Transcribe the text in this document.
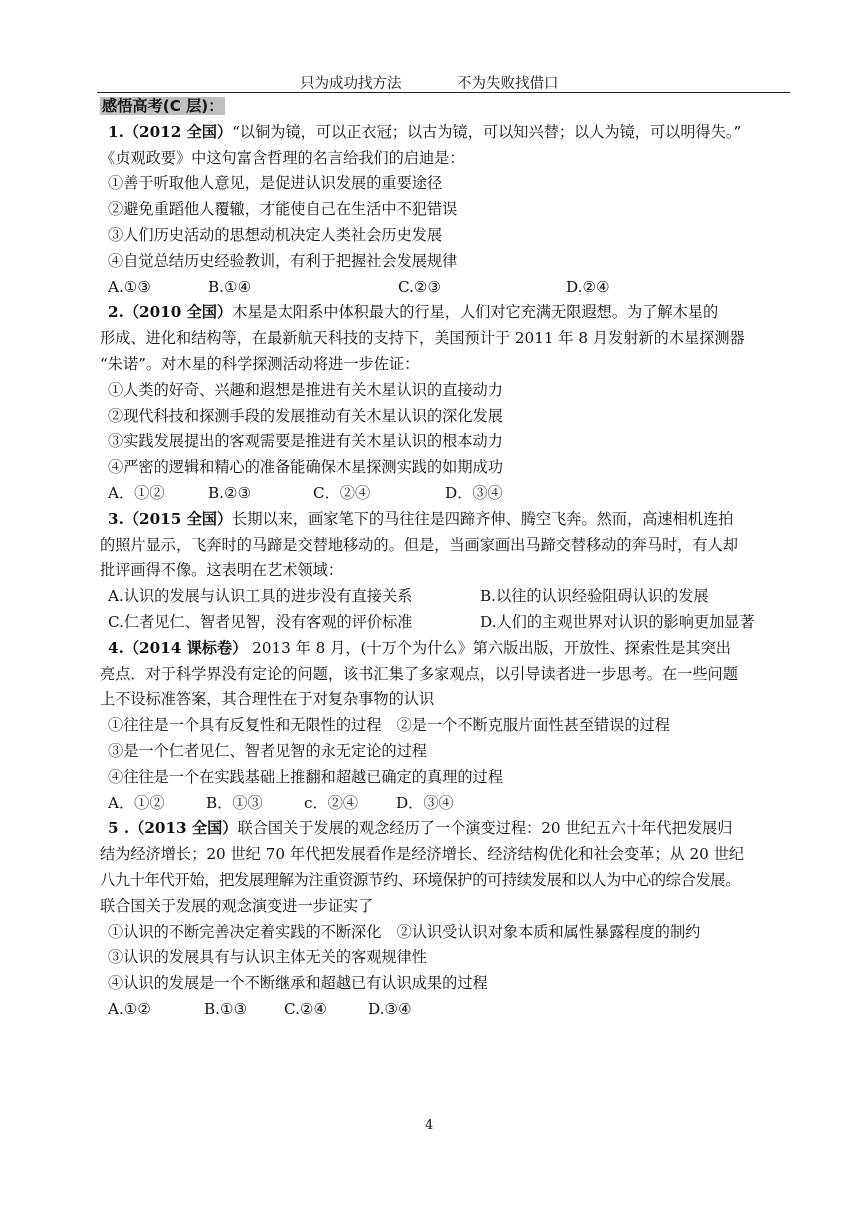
只为成功找方法	不为失败找借口
感悟高考(C 层)：
1.（2012 全国）“以铜为镜，可以正衣冠；以古为镜，可以知兴替；以人为镜，可以明得失。”
《贞观政要》中这句富含哲理的名言给我们的启迪是：
①善于听取他人意见，是促进认识发展的重要途径
②避免重蹈他人覆辙，才能使自己在生活中不犯错误
③人们历史活动的思想动机决定人类社会历史发展
④自觉总结历史经验教训，有利于把握社会发展规律
A.①③	B.①④	C.②③	D.②④
2.（2010 全国）木星是太阳系中体积最大的行星，人们对它充满无限遐想。为了解木星的
形成、进化和结构等，在最新航天科技的支持下，美国预计于 2011 年 8 月发射新的木星探测器
“朱诺”。对木星的科学探测活动将进一步佐证：
①人类的好奇、兴趣和遐想是推进有关木星认识的直接动力
②现代科技和探测手段的发展推动有关木星认识的深化发展
③实践发展提出的客观需要是推进有关木星认识的根本动力
④严密的逻辑和精心的准备能确保木星探测实践的如期成功
A．①②	B.②③	C．②④	D．③④
3.（2015 全国）长期以来，画家笔下的马往往是四蹄齐伸、腾空飞奔。然而，高速相机连拍
的照片显示，飞奔时的马蹄是交替地移动的。但是，当画家画出马蹄交替移动的奔马时，有人却
批评画得不像。这表明在艺术领域：
A.认识的发展与认识工具的进步没有直接关系	B.以往的认识经验阻碍认识的发展
C.仁者见仁、智者见智，没有客观的评价标准	D.人们的主观世界对认识的影响更加显著
4.（2014 课标卷） 2013 年 8 月，(十万个为什么》第六版出版，开放性、探索性是其突出
亮点．对于科学界没有定论的问题，该书汇集了多家观点，以引导读者进一步思考。在一些问题
上不设标准答案，其合理性在于对复杂事物的认识
①往往是一个具有反复性和无限性的过程　②是一个不断克服片面性甚至错误的过程
③是一个仁者见仁、智者见智的永无定论的过程
④往往是一个在实践基础上推翻和超越已确定的真理的过程
A．①②	B．①③	c．②④	D．③④
5 .（2013 全国）联合国关于发展的观念经历了一个演变过程：20 世纪五六十年代把发展归
结为经济增长；20 世纪 70 年代把发展看作是经济增长、经济结构优化和社会变革；从 20 世纪
八九十年代开始，把发展理解为注重资源节约、环境保护的可持续发展和以人为中心的综合发展。
联合国关于发展的观念演变进一步证实了
①认识的不断完善决定着实践的不断深化　②认识受认识对象本质和属性暴露程度的制约
③认识的发展具有与认识主体无关的客观规律性
④认识的发展是一个不断继承和超越已有认识成果的过程
A.①②	B.①③	C.②④	D.③④
4
